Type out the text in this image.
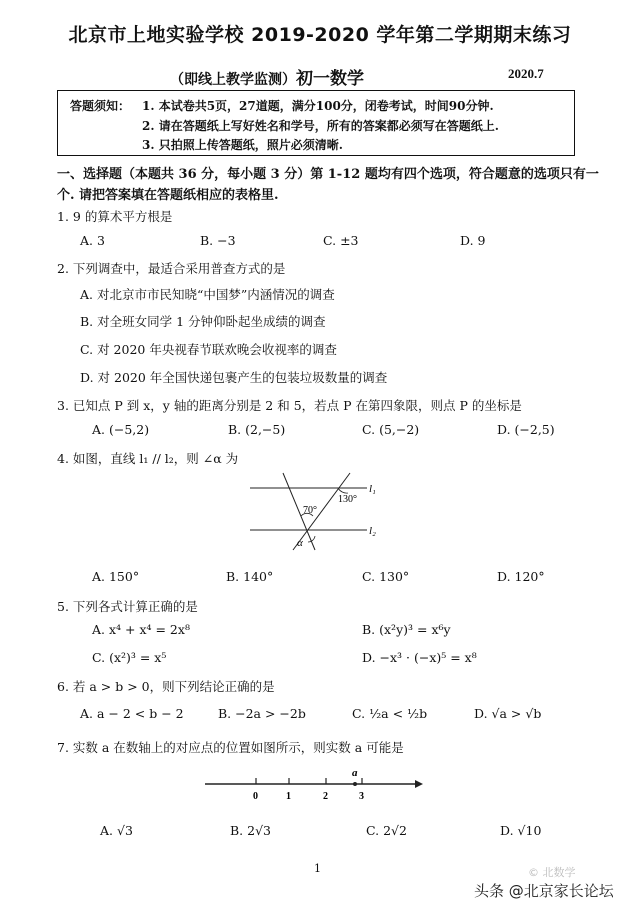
北京市上地实验学校 2019-2020 学年第二学期期末练习
（即线上教学监测）初一数学	2020.7
答题须知： 1. 本试卷共5页，27道题，满分100分，闭卷考试，时间90分钟.
2. 请在答题纸上写好姓名和学号，所有的答案都必须写在答题纸上.
3. 只拍照上传答题纸，照片必须清晰.
一、选择题（本题共 36 分，每小题 3 分）第 1-12 题均有四个选项，符合题意的选项只有一
个. 请把答案填在答题纸相应的表格里.
1. 9 的算术平方根是
A. 3	B. −3	C. ±3	D. 9
2. 下列调查中，最适合采用普查方式的是
A. 对北京市市民知晓“中国梦”内涵情况的调查
B. 对全班女同学 1 分钟仰卧起坐成绩的调查
C. 对 2020 年央视春节联欢晚会收视率的调查
D. 对 2020 年全国快递包裹产生的包装垃圾数量的调查
3. 已知点 P 到 x，y 轴的距离分别是 2 和 5，若点 P 在第四象限，则点 P 的坐标是
A. (−5,2)	B. (2,−5)	C. (5,−2)	D. (−2,5)
4. 如图，直线 l₁ // l₂，则 ∠α 为
130°
70°
α
l₁
l₂
A. 150°	B. 140°	C. 130°	D. 120°
5. 下列各式计算正确的是
A. x⁴ + x⁴ = 2x⁸	B. (x²y)³ = x⁶y
C. (x²)³ = x⁵	D. −x³ · (−x)⁵ = x⁸
6. 若 a > b > 0，则下列结论正确的是
A. a − 2 < b − 2	B. −2a > −2b	C. ½a < ½b	D. √a > √b
7. 实数 a 在数轴上的对应点的位置如图所示，则实数 a 可能是
a
0	1	2	3
A. √3	B. 2√3	C. 2√2	D. √10
1	© 北数学
头条 @北京家长论坛
